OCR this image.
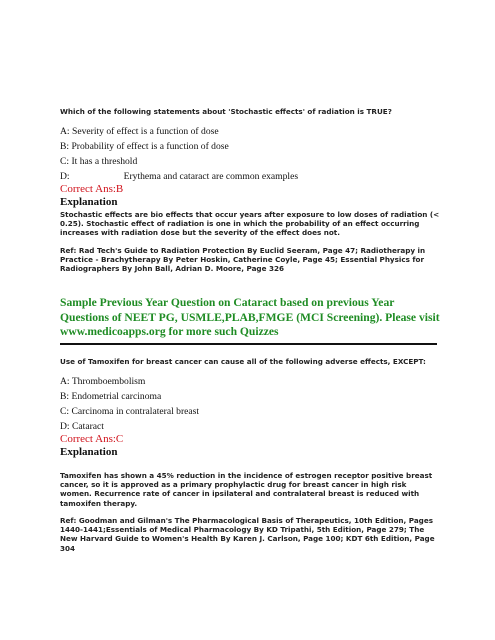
Which of the following statements about 'Stochastic effects' of radiation is TRUE?
A: Severity of effect is a function of dose
B: Probability of effect is a function of dose
C: It has a threshold
D:	Erythema and cataract are common examples
Correct Ans:B
Explanation
Stochastic effects are bio effects that occur years after exposure to low doses of radiation (< 0.25). Stochastic effect of radiation is one in which the probability of an effect occurring increases with radiation dose but the severity of the effect does not.
Ref: Rad Tech's Guide to Radiation Protection By Euclid Seeram, Page 47; Radiotherapy in Practice - Brachytherapy By Peter Hoskin, Catherine Coyle, Page 45; Essential Physics for Radiographers By John Ball, Adrian D. Moore, Page 326
Sample Previous Year Question on Cataract based on previous Year Questions of NEET PG, USMLE,PLAB,FMGE (MCI Screening). Please visit www.medicoapps.org for more such Quizzes
Use of Tamoxifen for breast cancer can cause all of the following adverse effects, EXCEPT:
A: Thromboembolism
B: Endometrial carcinoma
C: Carcinoma in contralateral breast
D: Cataract
Correct Ans:C
Explanation
Tamoxifen has shown a 45% reduction in the incidence of estrogen receptor positive breast cancer, so it is approved as a primary prophylactic drug for breast cancer in high risk women. Recurrence rate of cancer in ipsilateral and contralateral breast is reduced with tamoxifen therapy.
Ref: Goodman and Gilman's The Pharmacological Basis of Therapeutics, 10th Edition, Pages 1440-1441;Essentials of Medical Pharmacology By KD Tripathi, 5th Edition, Page 279; The New Harvard Guide to Women's Health By Karen J. Carlson, Page 100; KDT 6th Edition, Page 304
